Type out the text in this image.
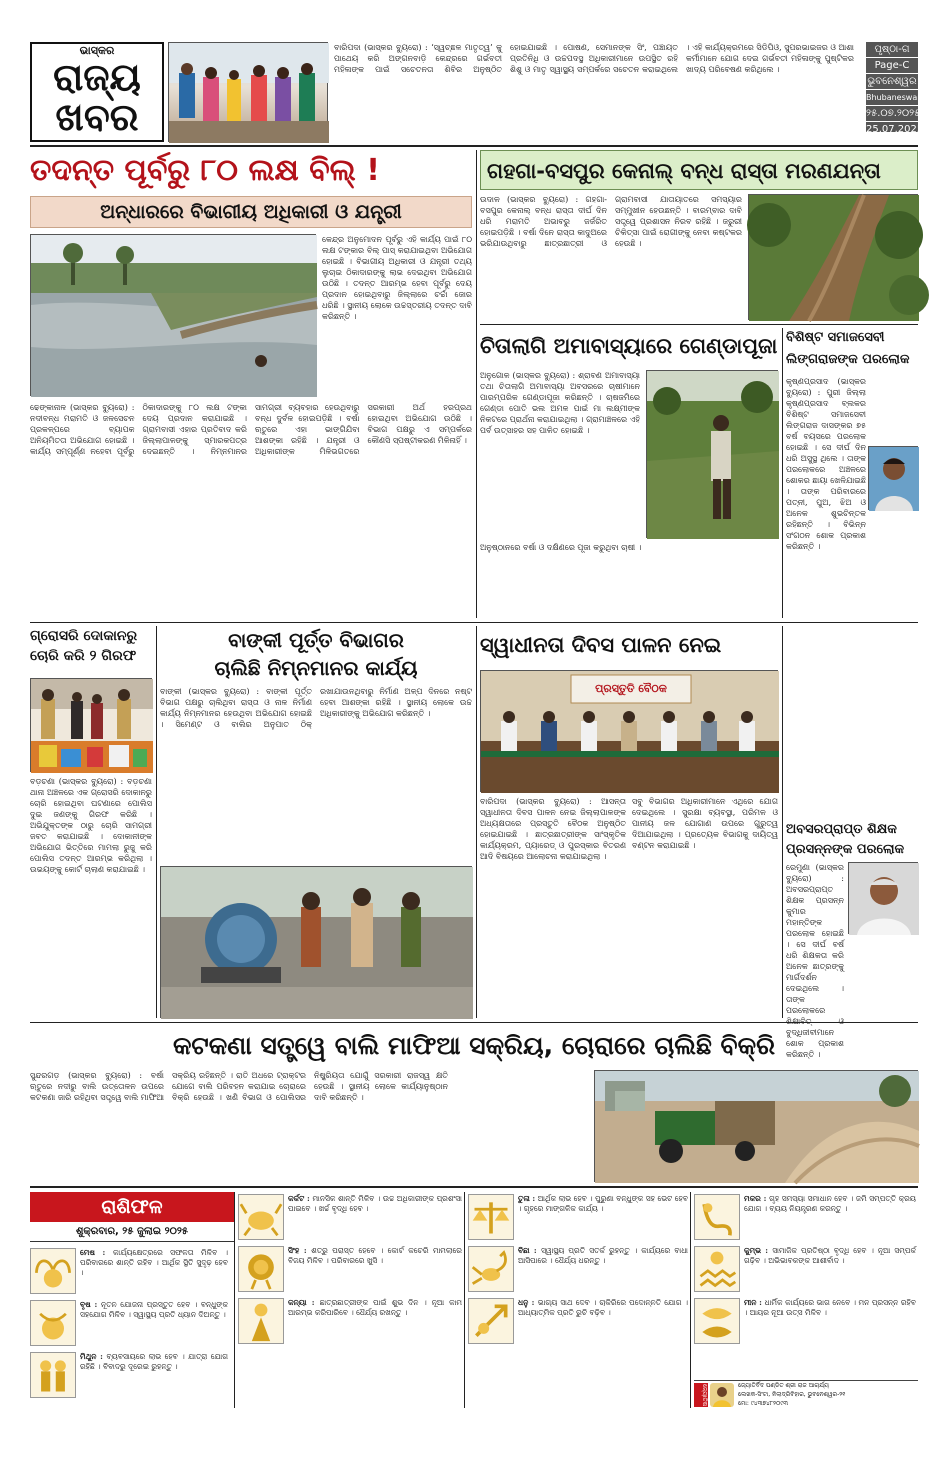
ଭାସ୍କର
ରାଜ୍ୟ
ଖବର
ବାରିପଦା (ଭାସ୍କର ବ୍ୟୁରୋ) : ‘ସ୍ୱଚ୍ଛଳ ମାତୃତ୍ୱ’ କୁ ପାଥେୟ କରି ଅଙ୍ଗନବାଡ଼ି କେନ୍ଦ୍ରରେ ଗର୍ଭବତୀ ମହିଳାଙ୍କ ପାଇଁ ସଚେତନତା ଶିବିର ଅନୁଷ୍ଠିତ ହୋଇଯାଇଛି । ପୋଷଣ, ସେମାନଙ୍କ ସିଂ, ପଞ୍ଚାୟତ ପ୍ରତିନିଧି ଓ ଉଚ୍ଚପଦସ୍ଥ ଅଧିକାରୀମାନେ ଉପସ୍ଥିତ ରହି ଶିଶୁ ଓ ମାତୃ ସ୍ୱାସ୍ଥ୍ୟ ସମ୍ପର୍କରେ ସଚେତନ କରାଇଥିଲେ । ଏହି କାର୍ଯ୍ୟକ୍ରମରେ ସିଡିପିଓ, ସୁପରଭାଇଜର ଓ ଆଶା କର୍ମୀମାନେ ଯୋଗ ଦେଇ ଗର୍ଭବତୀ ମହିଳାଙ୍କୁ ପୁଷ୍ଟିକର ଖାଦ୍ୟ ପରିବେଷଣ କରିଥିଲେ ।
ପୃଷ୍ଠା-ଗ
Page-C
ଭୁବନେଶ୍ୱର
Bhubaneswar
୨୫.୦୭.୨୦୨୫
25.07.2025
ତଦନ୍ତ ପୂର୍ବରୁ ୮୦ ଲକ୍ଷ ବିଲ୍ !
ଅନ୍ଧାରରେ ବିଭାଗୀୟ ଅଧିକାରୀ ଓ ଯନ୍ତ୍ରୀ
କେନ୍ଦ୍ର ଅନୁମୋଦନ ପୂର୍ବରୁ ଏହି କାର୍ଯ୍ୟ ପାଇଁ ୮୦ ଲକ୍ଷ ଟଙ୍କାର ବିଲ୍ ପାସ୍ କରାଯାଇଥିବା ଅଭିଯୋଗ ହୋଇଛି । ବିଭାଗୀୟ ଅଧିକାରୀ ଓ ଯନ୍ତ୍ରୀ ତଥ୍ୟ ଲୁଚାଇ ଠିକାଦାରଙ୍କୁ ଲାଭ ଦେଇଥିବା ଅଭିଯୋଗ ଉଠିଛି । ତଦନ୍ତ ଆରମ୍ଭ ହେବା ପୂର୍ବରୁ ଦେୟ ପ୍ରଦାନ ହୋଇଥିବାରୁ ଜିଲ୍ଲାରେ ଚର୍ଚ୍ଚା ଜୋର ଧରିଛି । ସ୍ଥାନୀୟ ଲୋକେ ଉଚ୍ଚସ୍ତରୀୟ ତଦନ୍ତ ଦାବି କରିଛନ୍ତି ।
ଢେଙ୍କାନାଳ (ଭାସ୍କର ବ୍ୟୁରୋ) : ନଦୀବନ୍ଧ ମରାମତି ଓ ଜଳସେଚନ ପ୍ରକଳ୍ପରେ ବ୍ୟାପକ ଅନିୟମିତତା ଅଭିଯୋଗ ହୋଇଛି । କାର୍ଯ୍ୟ ସମ୍ପୂର୍ଣ୍ଣ ନହେବା ପୂର୍ବରୁ ଠିକାଦାରଙ୍କୁ ୮୦ ଲକ୍ଷ ଟଙ୍କା ଦେୟ ପ୍ରଦାନ କରାଯାଇଛି । ଗ୍ରାମବାସୀ ଏହାର ପ୍ରତିବାଦ କରି ଜିଲ୍ଲାପାଳଙ୍କୁ ସ୍ମାରକପତ୍ର ଦେଇଛନ୍ତି । ନିମ୍ନମାନର ସାମଗ୍ରୀ ବ୍ୟବହାର ହେଉଥିବାରୁ ବନ୍ଧ ଦୁର୍ବଳ ହୋଇପଡ଼ିଛି । ବର୍ଷା ଋତୁରେ ଏହା ଭାଙ୍ଗିଯିବା ଆଶଙ୍କା ରହିଛି । ଯନ୍ତ୍ରୀ ଓ ଅଧିକାରୀଙ୍କ ମିଳିଭଗତରେ ସରକାରୀ ଅର୍ଥ ହରପ୍ରଥ ହୋଇଥିବା ଅଭିଯୋଗ ଉଠିଛି । ବିଭାଗ ପକ୍ଷରୁ ଏ ସମ୍ପର୍କରେ କୌଣସି ସ୍ପଷ୍ଟୀକରଣ ମିଳିନାହିଁ ।
ଗହଗା-ବସପୁର କେନାଲ୍ ବନ୍ଧ ରାସ୍ତା ମରଣଯନ୍ତା
ଉଦାଳ (ଭାସ୍କର ବ୍ୟୁରୋ) : ଗହଗା-ବସପୁର କେନାଲ୍ ବନ୍ଧ ରାସ୍ତା ଦୀର୍ଘ ଦିନ ଧରି ମରାମତି ଅଭାବରୁ ଜର୍ଜରିତ ହୋଇପଡ଼ିଛି । ବର୍ଷା ଦିନେ ରାସ୍ତା କାଦୁଅରେ ଭରିଯାଉଥିବାରୁ ଛାତ୍ରଛାତ୍ରୀ ଓ ଗ୍ରାମବାସୀ ଯାତାୟାତରେ ସମସ୍ୟାର ସମ୍ମୁଖୀନ ହେଉଛନ୍ତି । ବାରମ୍ବାର ଦାବି ସତ୍ତ୍ୱେ ପ୍ରଶାସନ ନିରବ ରହିଛି । ଜରୁରୀ ଚିକିତ୍ସା ପାଇଁ ରୋଗୀଙ୍କୁ ନେବା କଷ୍ଟକର ହେଉଛି ।
ଚିତାଲାଗି ଅମାବାସ୍ୟାରେ ଗେଣ୍ଡାପୂଜା
ଅନୁଗୋଳ (ଭାସ୍କର ବ୍ୟୁରୋ) : ଶ୍ରାବଣ ଅମାବାସ୍ୟା ତଥା ଚିତାଲାଗି ଅମାବାସ୍ୟା ଅବସରରେ ଚାଷୀମାନେ ପାରମ୍ପରିକ ଗେଣ୍ଡାପୂଜା କରିଛନ୍ତି । ଚାଷଜମିରେ ଗେଣ୍ଡା ପୋତି ଭଲ ଅମଳ ପାଇଁ ମା ଲକ୍ଷ୍ମୀଙ୍କ ନିକଟରେ ପ୍ରାର୍ଥନା କରାଯାଇଥିଲା । ଗ୍ରାମାଞ୍ଚଳରେ ଏହି ପର୍ବ ଉତ୍ସାହର ସହ ପାଳିତ ହୋଇଛି ।
ଅନୁଷ୍ଠାନରେ ବର୍ଷା ଓ ଦକ୍ଷିଣରେ ପୂଜା କରୁଥିବା ଚାଷୀ ।
ବିଶିଷ୍ଟ ସମାଜସେବୀ
ଲିଙ୍ଗରାଜଙ୍କ ପରଲୋକ
କୃଷ୍ଣପ୍ରସାଦ (ଭାସ୍କର ବ୍ୟୁରୋ) : ପୁରୀ ଜିଲ୍ଲା କୃଷ୍ଣପ୍ରସାଦ ବ୍ଲକର ବିଶିଷ୍ଟ ସମାଜସେବୀ ଲିଙ୍ଗରାଜ ଦାସଙ୍କର ୭୫ ବର୍ଷ ବୟସରେ ପରଲୋକ ହୋଇଛି । ସେ ଦୀର୍ଘ ଦିନ ଧରି ଅସୁସ୍ଥ ଥିଲେ । ତାଙ୍କ ପରଲୋକରେ ଅଞ୍ଚଳରେ ଶୋକର ଛାୟା ଖେଳିଯାଇଛି । ତାଙ୍କ ପରିବାରରେ ପତ୍ନୀ, ପୁଅ, ଝିଅ ଓ ଅନେକ ଶୁଭଚିନ୍ତକ ରହିଛନ୍ତି । ବିଭିନ୍ନ ସଂଗଠନ ଶୋକ ପ୍ରକାଶ କରିଛନ୍ତି ।
ଗ୍ରୋସରି ଦୋକାନରୁ ଚୋରି କରି ୨ ଗିରଫ
ବଡ଼ଚଣା (ଭାସ୍କର ବ୍ୟୁରୋ) : ବଡ଼ଚଣା ଥାନା ଅଞ୍ଚଳରେ ଏକ ଗ୍ରୋସରି ଦୋକାନରୁ ଚୋରି ହୋଇଥିବା ଘଟଣାରେ ପୋଲିସ ଦୁଇ ଜଣଙ୍କୁ ଗିରଫ କରିଛି । ଅଭିଯୁକ୍ତଙ୍କ ଠାରୁ ଚୋରି ସାମଗ୍ରୀ ଜବତ କରାଯାଇଛି । ଦୋକାନୀଙ୍କ ଅଭିଯୋଗ ଭିତ୍ତିରେ ମାମଲା ରୁଜୁ କରି ପୋଲିସ ତଦନ୍ତ ଆରମ୍ଭ କରିଥିଲା । ଉଭୟଙ୍କୁ କୋର୍ଟ ଚାଲାଣ କରାଯାଇଛି ।
ବାଙ୍କୀ ପୂର୍ତ୍ତ ବିଭାଗର
ଚାଲିଛି ନିମ୍ନମାନର କାର୍ଯ୍ୟ
ବାଙ୍କୀ (ଭାସ୍କର ବ୍ୟୁରୋ) : ବାଙ୍କୀ ପୂର୍ତ୍ତ ବିଭାଗ ପକ୍ଷରୁ ଚାଲିଥିବା ରାସ୍ତା ଓ ନାଳ ନିର୍ମାଣ କାର୍ଯ୍ୟ ନିମ୍ନମାନର ହେଉଥିବା ଅଭିଯୋଗ ହୋଇଛି । ସିମେଣ୍ଟ ଓ ବାଲିର ଅନୁପାତ ଠିକ୍ ରଖାଯାଉନଥିବାରୁ ନିର୍ମାଣ ଅଳ୍ପ ଦିନରେ ନଷ୍ଟ ହେବା ଆଶଙ୍କା ରହିଛି । ସ୍ଥାନୀୟ ଲୋକେ ଉଚ୍ଚ ଅଧିକାରୀଙ୍କୁ ଅଭିଯୋଗ କରିଛନ୍ତି ।
ସ୍ୱାଧୀନତା ଦିବସ ପାଳନ ନେଇ
ପ୍ରସ୍ତୁତି ବୈଠକ
ବାରିପଦା (ଭାସ୍କର ବ୍ୟୁରୋ) : ଆସନ୍ତା ସ୍ୱାଧୀନତା ଦିବସ ପାଳନ ନେଇ ଜିଲ୍ଲାପାଳଙ୍କ ଅଧ୍ୟକ୍ଷତାରେ ପ୍ରସ୍ତୁତି ବୈଠକ ଅନୁଷ୍ଠିତ ହୋଇଯାଇଛି । ଛାତ୍ରଛାତ୍ରୀଙ୍କ ସାଂସ୍କୃତିକ କାର୍ଯ୍ୟକ୍ରମ, ପ୍ୟାରେଡ୍ ଓ ପୁରସ୍କାର ବିତରଣ ଆଦି ବିଷୟରେ ଆଲୋଚନା କରାଯାଇଥିଲା ।
ସବୁ ବିଭାଗର ଅଧିକାରୀମାନେ ଏଥିରେ ଯୋଗ ଦେଇଥିଲେ । ସୁରକ୍ଷା ବ୍ୟବସ୍ଥା, ପରିମଳ ଓ ପାନୀୟ ଜଳ ଯୋଗାଣ ଉପରେ ଗୁରୁତ୍ୱ ଦିଆଯାଇଥିଲା । ପ୍ରତ୍ୟେକ ବିଭାଗକୁ ଦାୟିତ୍ୱ ବଣ୍ଟନ କରାଯାଇଛି ।
ଅବସରପ୍ରାପ୍ତ ଶିକ୍ଷକ
ପ୍ରସନ୍ନଙ୍କ ପରଲୋକ
ରେମୁଣା (ଭାସ୍କର ବ୍ୟୁରୋ) : ଅବସରପ୍ରାପ୍ତ ଶିକ୍ଷକ ପ୍ରସନ୍ନ କୁମାର ମହାନ୍ତିଙ୍କ ପରଲୋକ ହୋଇଛି । ସେ ଦୀର୍ଘ ବର୍ଷ ଧରି ଶିକ୍ଷକତା କରି ଅନେକ ଛାତ୍ରଙ୍କୁ ମାର୍ଗଦର୍ଶନ ଦେଇଥିଲେ । ତାଙ୍କ ପରଲୋକରେ ବୁଦ୍ଧିଜୀବୀମାନେ ଶୋକ ପ୍ରକାଶ କରିଛନ୍ତି ।
କଟକଣା ସତ୍ତ୍ୱେ ବାଲି ମାଫିଆ ସକ୍ରିୟ, ଚୋରାରେ ଚାଲିଛି ବିକ୍ରି
ସୁନ୍ଦରଗଡ଼ (ଭାସ୍କର ବ୍ୟୁରୋ) : ବର୍ଷା ଋତୁରେ ନଦୀରୁ ବାଲି ଉତ୍ତୋଳନ ଉପରେ କଟକଣା ଜାରି ରହିଥିବା ସତ୍ତ୍ୱେ ବାଲି ମାଫିଆ ସକ୍ରିୟ ରହିଛନ୍ତି । ରାତି ଅଧରେ ଟ୍ରାକ୍ଟର ଯୋଗେ ବାଲି ପରିବହନ କରାଯାଇ ଚୋରାରେ ବିକ୍ରି ହେଉଛି । ଖଣି ବିଭାଗ ଓ ପୋଲିସର ନିଷ୍କ୍ରିୟତା ଯୋଗୁଁ ସରକାରୀ ରାଜସ୍ୱ କ୍ଷତି ହେଉଛି । ସ୍ଥାନୀୟ ଲୋକେ କାର୍ଯ୍ୟାନୁଷ୍ଠାନ ଦାବି କରିଛନ୍ତି ।
ରାଶିଫଳ
ଶୁକ୍ରବାର, ୨୫ ଜୁଲାଇ ୨୦୨୫
ମେଷ : କାର୍ଯ୍ୟକ୍ଷେତ୍ରରେ ସଫଳତା ମିଳିବ । ପରିବାରରେ ଶାନ୍ତି ରହିବ । ଆର୍ଥିକ ସ୍ଥିତି ସୁଦୃଢ଼ ହେବ ।
ବୃଷ : ନୂତନ ଯୋଜନା ପ୍ରସ୍ତୁତ ହେବ । ବନ୍ଧୁଙ୍କ ସହଯୋଗ ମିଳିବ । ସ୍ୱାସ୍ଥ୍ୟ ପ୍ରତି ଧ୍ୟାନ ଦିଅନ୍ତୁ ।
ମିଥୁନ : ବ୍ୟବସାୟରେ ଲାଭ ହେବ । ଯାତ୍ରା ଯୋଗ ରହିଛି । ବିବାଦରୁ ଦୂରେଇ ରୁହନ୍ତୁ ।
କର୍କଟ : ମାନସିକ ଶାନ୍ତି ମିଳିବ । ଉଚ୍ଚ ଅଧିକାରୀଙ୍କ ପ୍ରଶଂସା ପାଇବେ । ଖର୍ଚ୍ଚ ବୃଦ୍ଧି ହେବ ।
ସିଂହ : ଶତ୍ରୁ ପରାସ୍ତ ହେବେ । କୋର୍ଟ କଚେରି ମାମଲାରେ ବିଜୟ ମିଳିବ । ପରିବାରରେ ଖୁସି ।
କନ୍ୟା : ଛାତ୍ରଛାତ୍ରୀଙ୍କ ପାଇଁ ଶୁଭ ଦିନ । ନୂଆ କାମ ଆରମ୍ଭ କରିପାରିବେ । ଧୈର୍ଯ୍ୟ ରଖନ୍ତୁ ।
ତୁଳା : ଆର୍ଥିକ ଲାଭ ହେବ । ପୁରୁଣା ବନ୍ଧୁଙ୍କ ସହ ଭେଟ ହେବ । ଗୃହରେ ମାଙ୍ଗଳିକ କାର୍ଯ୍ୟ ।
ବିଛା : ସ୍ୱାସ୍ଥ୍ୟ ପ୍ରତି ସତର୍କ ରୁହନ୍ତୁ । କାର୍ଯ୍ୟରେ ବାଧା ଆସିପାରେ । ଧୈର୍ଯ୍ୟ ଧରନ୍ତୁ ।
ଧନୁ : ଭାଗ୍ୟ ସାଥ ଦେବ । ଚାକିରିରେ ପଦୋନ୍ନତି ଯୋଗ । ଆଧ୍ୟାତ୍ମିକ ପ୍ରତି ରୁଚି ବଢ଼ିବ ।
ମକର : ଗୃହ ସମସ୍ୟା ସମାଧାନ ହେବ । ଜମି ସମ୍ପତ୍ତି କ୍ରୟ ଯୋଗ । ବ୍ୟୟ ନିୟନ୍ତ୍ରଣ କରନ୍ତୁ ।
କୁମ୍ଭ : ସାମାଜିକ ପ୍ରତିଷ୍ଠା ବୃଦ୍ଧି ହେବ । ନୂଆ ସମ୍ପର୍କ ଗଢ଼ିବ । ଅଭିଭାବକଙ୍କ ଆଶୀର୍ବାଦ ।
ମୀନ : ଧାର୍ମିକ କାର୍ଯ୍ୟରେ ଭାଗ ନେବେ । ମନ ପ୍ରସନ୍ନ ରହିବ । ଆୟର ନୂଆ ଉତ୍ସ ମିଳିବ ।
ଜ୍ୟୋତିଷ	ଜ୍ୟୋତିର୍ବିଦ ପଣ୍ଡିତ ଶ୍ରୀ ରାଜ ଆଚାର୍ଯ୍ୟ
ଲେଖକ-ସିଂଟା, ନିଲାଦ୍ରିବିହାର, ଭୁବନେଶ୍ୱର-୨୧
ମୋ: ୯୪୩୭୪୮୨୦୯୩
